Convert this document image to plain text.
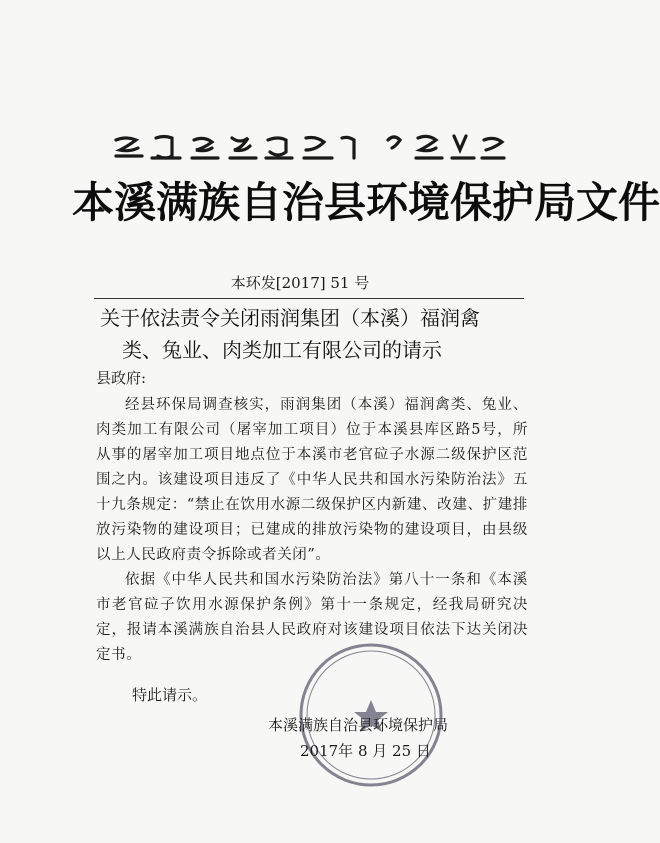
本溪满族自治县环境保护局文件
本环发[2017] 51 号
关于依法责令关闭雨润集团（本溪）福润禽
类、兔业、肉类加工有限公司的请示
县政府:

经县环保局调查核实，雨润集团（本溪）福润禽类、兔业、肉类加工有限公司（屠宰加工项目）位于本溪县库区路5号，所从事的屠宰加工项目地点位于本溪市老官砬子水源二级保护区范围之内。该建设项目违反了《中华人民共和国水污染防治法》五十九条规定：“禁止在饮用水源二级保护区内新建、改建、扩建排放污染物的建设项目；已建成的排放污染物的建设项目，由县级以上人民政府责令拆除或者关闭”。

依据《中华人民共和国水污染防治法》第八十一条和《本溪市老官砬子饮用水源保护条例》第十一条规定，经我局研究决定，报请本溪满族自治县人民政府对该建设项目依法下达关闭决定书。

特此请示。
本溪满族自治县环境保护局
2017年 8 月 25 日
